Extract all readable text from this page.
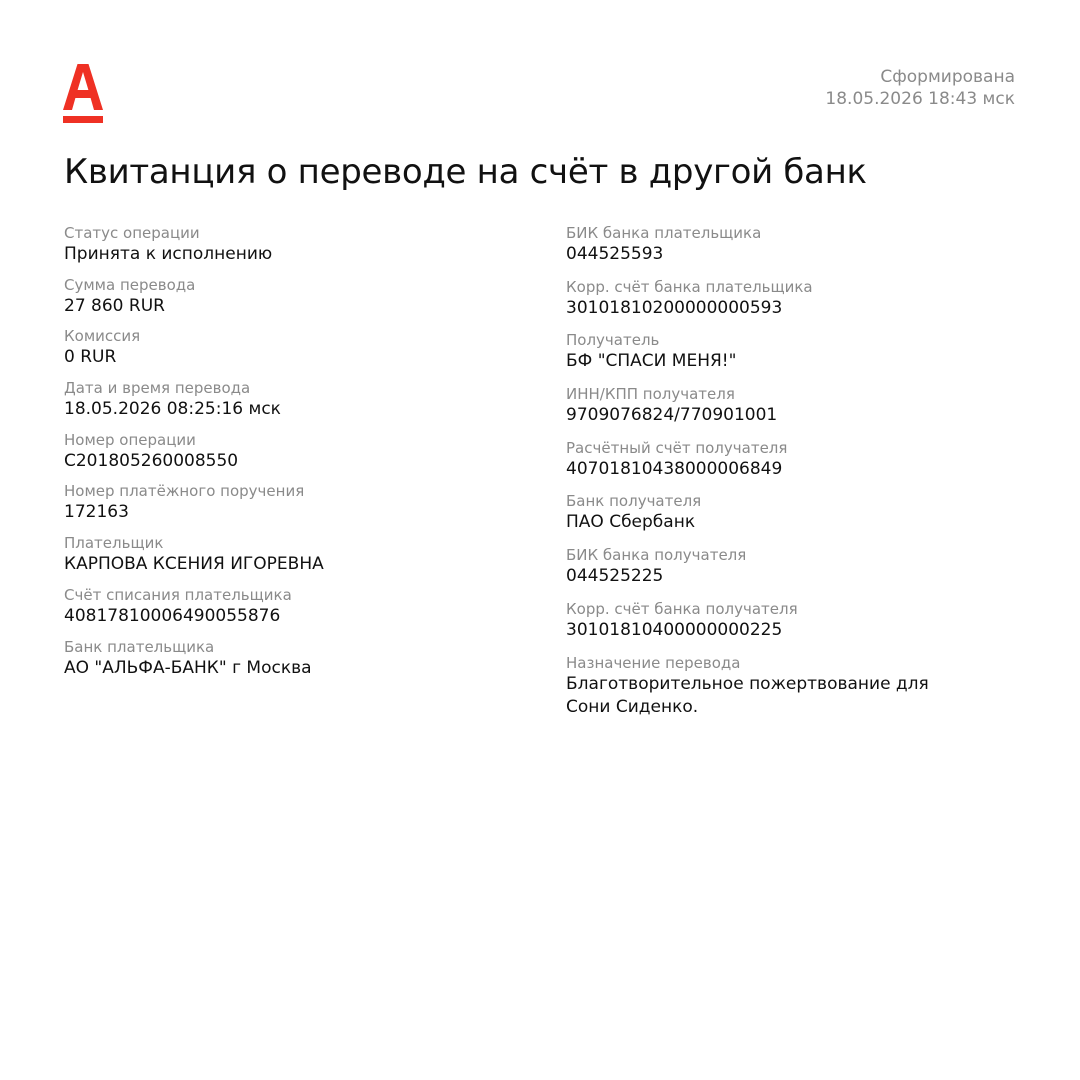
Сформирована
18.05.2026 18:43 мск
Квитанция о переводе на счёт в другой банк
Статус операции
Принята к исполнению
Сумма перевода
27 860 RUR
Комиссия
0 RUR
Дата и время перевода
18.05.2026 08:25:16 мск
Номер операции
C201805260008550
Номер платёжного поручения
172163
Плательщик
КАРПОВА КСЕНИЯ ИГОРЕВНА
Счёт списания плательщика
40817810006490055876
Банк плательщика
АО "АЛЬФА-БАНК" г Москва
БИК банка плательщика
044525593
Корр. счёт банка плательщика
30101810200000000593
Получатель
БФ "СПАСИ МЕНЯ!"
ИНН/КПП получателя
9709076824/770901001
Расчётный счёт получателя
40701810438000006849
Банк получателя
ПАО Сбербанк
БИК банка получателя
044525225
Корр. счёт банка получателя
30101810400000000225
Назначение перевода
Благотворительное пожертвование для Сони Сиденко.
